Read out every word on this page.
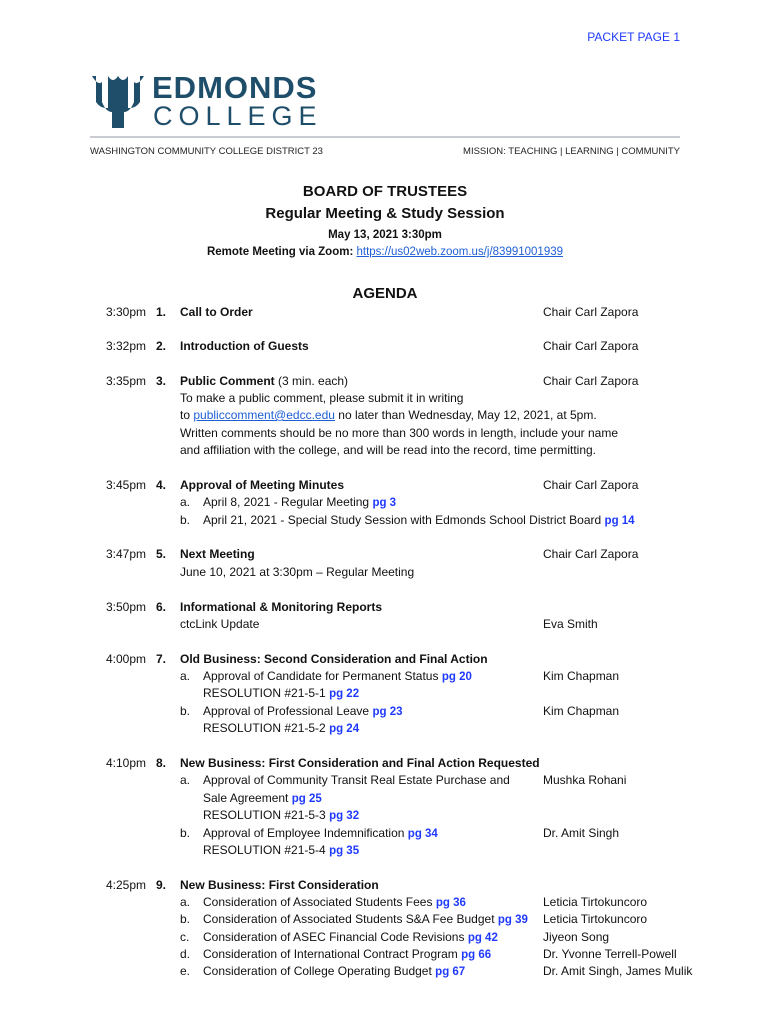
PACKET PAGE 1
EDMONDS
COLLEGE
WASHINGTON COMMUNITY COLLEGE DISTRICT 23	MISSION: TEACHING | LEARNING | COMMUNITY
BOARD OF TRUSTEES
Regular Meeting & Study Session
May 13, 2021 3:30pm
Remote Meeting via Zoom: https://us02web.zoom.us/j/83991001939
AGENDA
3:30pm 1. Call to Order	Chair Carl Zapora
3:32pm 2. Introduction of Guests	Chair Carl Zapora
3:35pm 3. Public Comment (3 min. each)	Chair Carl Zapora
To make a public comment, please submit it in writing
to publiccomment@edcc.edu no later than Wednesday, May 12, 2021, at 5pm.
Written comments should be no more than 300 words in length, include your name
and affiliation with the college, and will be read into the record, time permitting.
3:45pm 4. Approval of Meeting Minutes	Chair Carl Zapora
a. April 8, 2021 - Regular Meeting pg 3
b. April 21, 2021 - Special Study Session with Edmonds School District Board pg 14
3:47pm 5. Next Meeting	Chair Carl Zapora
June 10, 2021 at 3:30pm – Regular Meeting
3:50pm 6. Informational & Monitoring Reports
ctcLink Update	Eva Smith
4:00pm 7. Old Business: Second Consideration and Final Action
a. Approval of Candidate for Permanent Status pg 20	Kim Chapman
RESOLUTION #21-5-1 pg 22
b. Approval of Professional Leave pg 23	Kim Chapman
RESOLUTION #21-5-2 pg 24
4:10pm 8. New Business: First Consideration and Final Action Requested
a. Approval of Community Transit Real Estate Purchase and	Mushka Rohani
Sale Agreement pg 25
RESOLUTION #21-5-3 pg 32
b. Approval of Employee Indemnification pg 34	Dr. Amit Singh
RESOLUTION #21-5-4 pg 35
4:25pm 9. New Business: First Consideration
a. Consideration of Associated Students Fees pg 36	Leticia Tirtokuncoro
b. Consideration of Associated Students S&A Fee Budget pg 39 Leticia Tirtokuncoro
c. Consideration of ASEC Financial Code Revisions pg 42	Jiyeon Song
d. Consideration of International Contract Program pg 66	Dr. Yvonne Terrell-Powell
e. Consideration of College Operating Budget pg 67	Dr. Amit Singh, James Mulik
